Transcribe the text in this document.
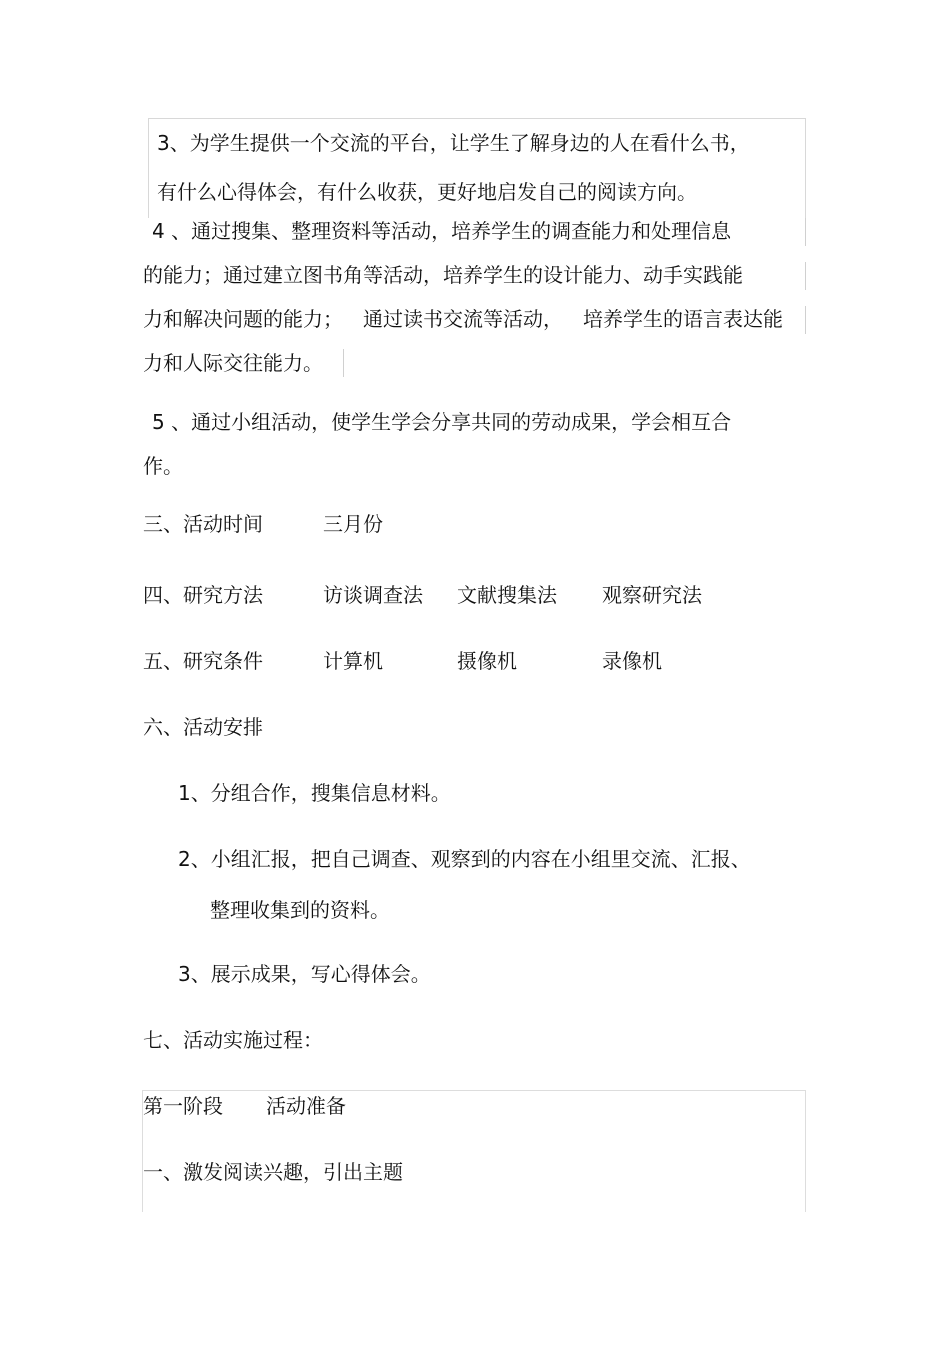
3、为学生提供一个交流的平台，让学生了解身边的人在看什么书，
有什么心得体会，有什么收获，更好地启发自己的阅读方向。
4 、通过搜集、整理资料等活动，培养学生的调查能力和处理信息
的能力；通过建立图书角等活动，培养学生的设计能力、动手实践能
力和解决问题的能力； 通过读书交流等活动， 培养学生的语言表达能
力和人际交往能力。
5 、通过小组活动，使学生学会分享共同的劳动成果，学会相互合
作。
三、活动时间	三月份
四、研究方法	访谈调查法 文献搜集法 观察研究法
五、研究条件	计算机	摄像机	录像机
六、活动安排
1、分组合作，搜集信息材料。
2、小组汇报，把自己调查、观察到的内容在小组里交流、汇报、
整理收集到的资料。
3、展示成果，写心得体会。
七、活动实施过程：
第一阶段 活动准备
一、激发阅读兴趣，引出主题
